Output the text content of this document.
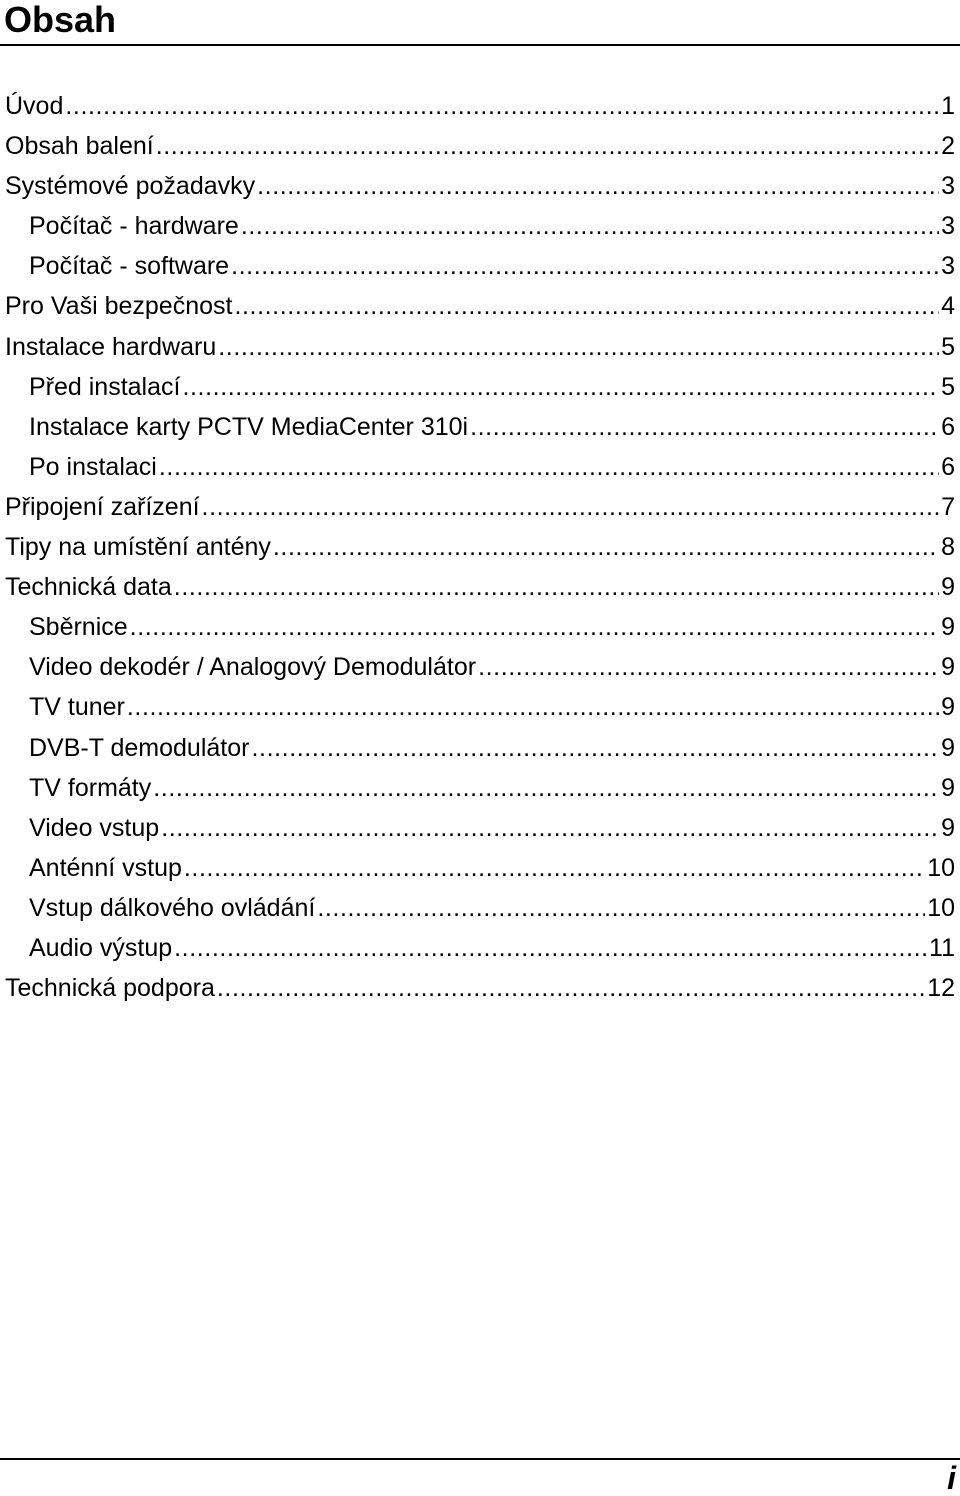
Obsah
Úvod .....	1
Obsah balení .....	2
Systémové požadavky .....	3
Počítač - hardware .....	3
Počítač - software .....	3
Pro Vaši bezpečnost .....	4
Instalace hardwaru .....	5
Před instalací .....	5
Instalace karty PCTV MediaCenter 310i .....	6
Po instalaci .....	6
Připojení zařízení .....	7
Tipy na umístění antény .....	8
Technická data .....	9
Sběrnice .....	9
Video dekodér / Analogový Demodulátor .....	9
TV tuner .....	9
DVB-T demodulátor .....	9
TV formáty .....	9
Video vstup .....	9
Anténní vstup .....	10
Vstup dálkového ovládání .....	10
Audio výstup .....	11
Technická podpora .....	12
i
